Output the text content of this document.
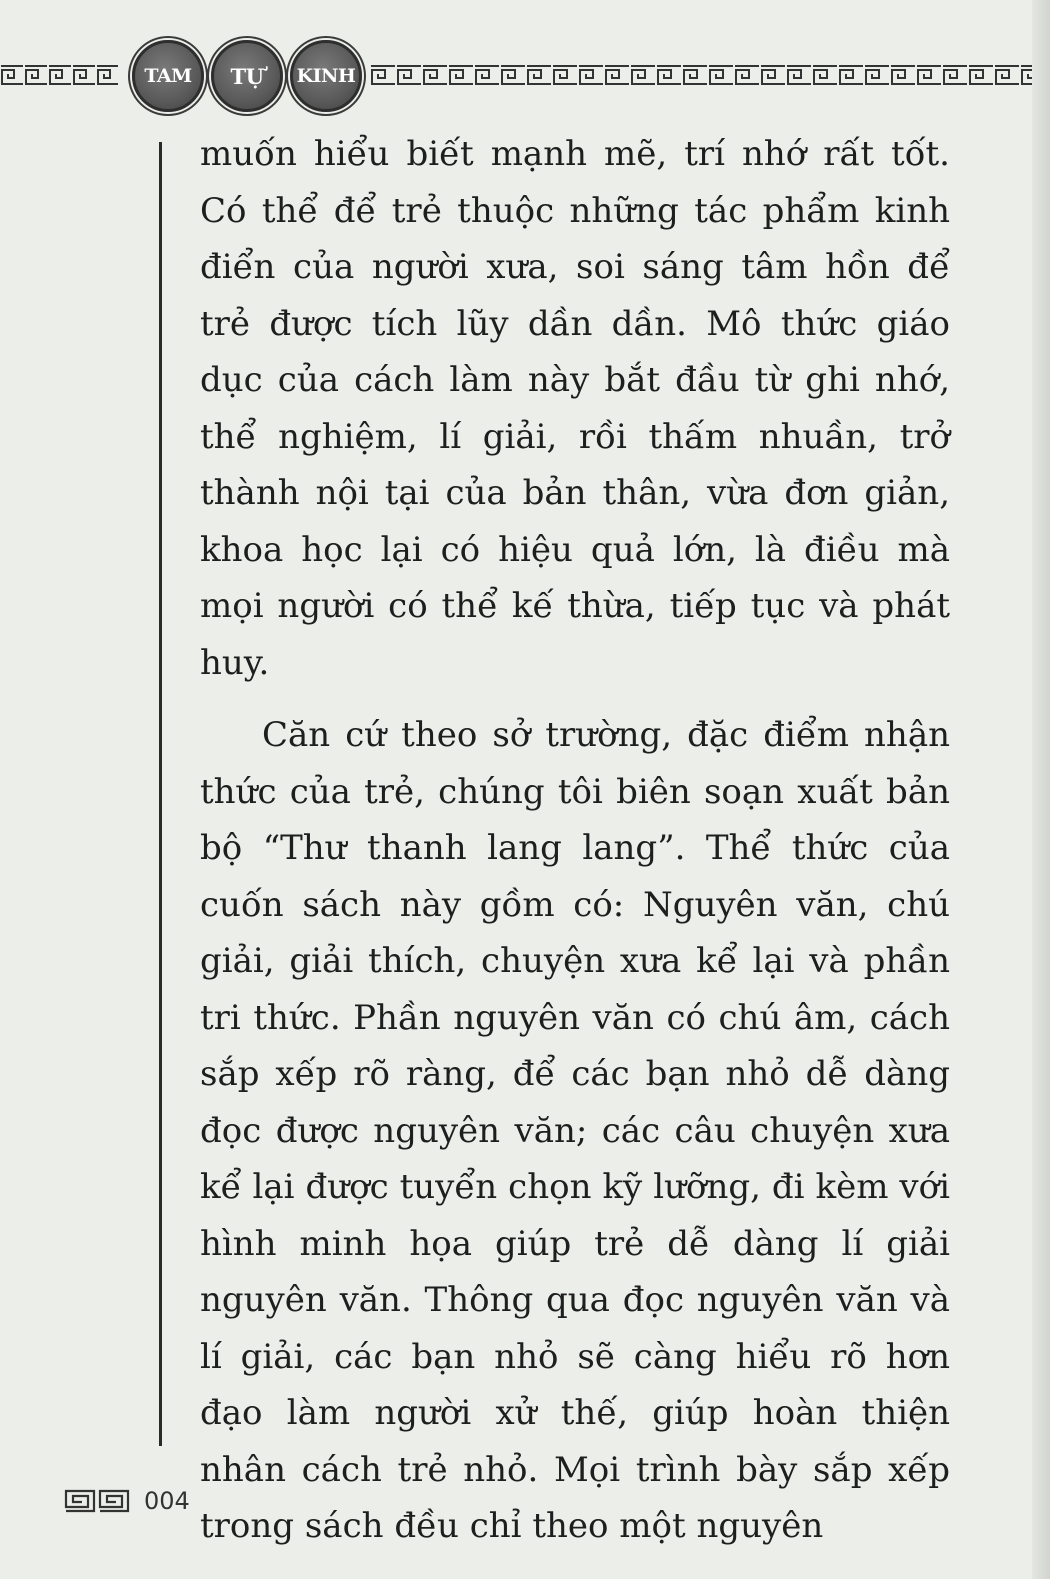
TAM TỰ KINH

muốn hiểu biết mạnh mẽ, trí nhớ rất tốt. Có thể để trẻ thuộc những tác phẩm kinh điển của người xưa, soi sáng tâm hồn để trẻ được tích lũy dần dần. Mô thức giáo dục của cách làm này bắt đầu từ ghi nhớ, thể nghiệm, lí giải, rồi thấm nhuần, trở thành nội tại của bản thân, vừa đơn giản, khoa học lại có hiệu quả lớn, là điều mà mọi người có thể kế thừa, tiếp tục và phát huy.

Căn cứ theo sở trường, đặc điểm nhận thức của trẻ, chúng tôi biên soạn xuất bản bộ “Thư thanh lang lang”. Thể thức của cuốn sách này gồm có: Nguyên văn, chú giải, giải thích, chuyện xưa kể lại và phần tri thức. Phần nguyên văn có chú âm, cách sắp xếp rõ ràng, để các bạn nhỏ dễ dàng đọc được nguyên văn; các câu chuyện xưa kể lại được tuyển chọn kỹ lưỡng, đi kèm với hình minh họa giúp trẻ dễ dàng lí giải nguyên văn. Thông qua đọc nguyên văn và lí giải, các bạn nhỏ sẽ càng hiểu rõ hơn đạo làm người xử thế, giúp hoàn thiện nhân cách trẻ nhỏ. Mọi trình bày sắp xếp trong sách đều chỉ theo một nguyên

004
